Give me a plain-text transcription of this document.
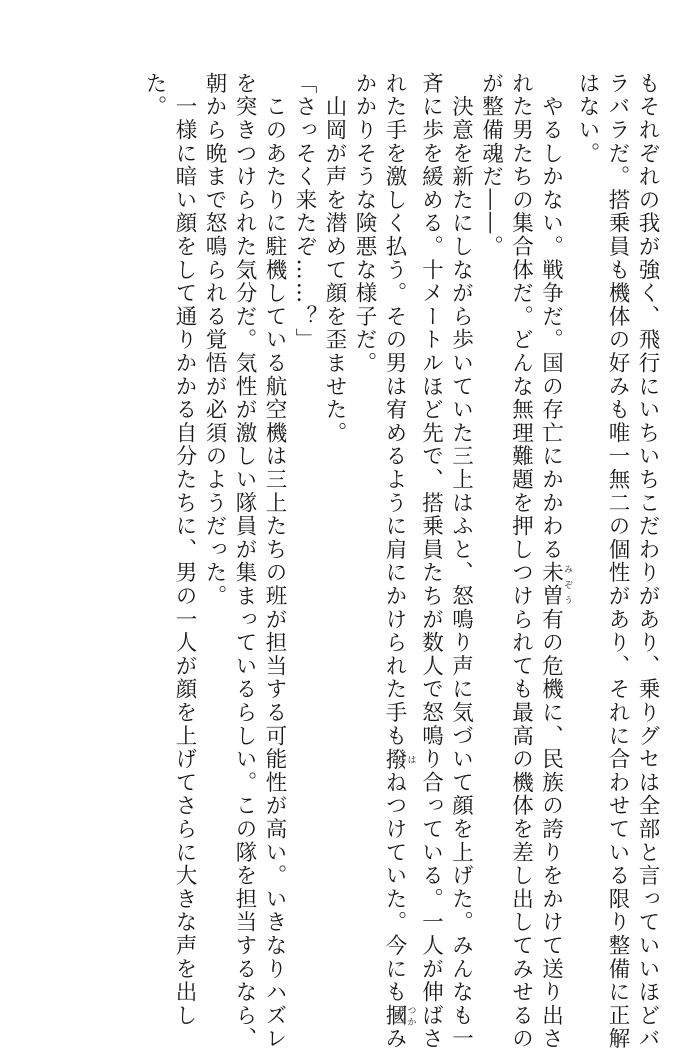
もそれぞれの我が強く、飛行にいちいちこだわりがあり、乗りグセは全部と言っていいほどバ
ラバラだ。搭乗員も機体の好みも唯一無二の個性があり、それに合わせている限り整備に正解
はない。
　やるしかない。戦争だ。国の存亡にかかわる未曽みぞう有の危機に、民族の誇りをかけて送り出さ
れた男たちの集合体だ。どんな無理難題を押しつけられても最高の機体を差し出してみせるの
が整備魂だ――。
　決意を新たにしながら歩いていた三上はふと、怒鳴り声に気づいて顔を上げた。みんなも一
斉に歩を緩める。十メートルほど先で、搭乗員たちが数人で怒鳴り合っている。一人が伸ばさ
れた手を激しく払う。その男は宥めるように肩にかけられた手も撥はねつけていた。今にも摑つかみ
かかりそうな険悪な様子だ。
　山岡が声を潜めて顔を歪ませた。
「さっそく来たぞ……？」
　このあたりに駐機している航空機は三上たちの班が担当する可能性が高い。いきなりハズレ
を突きつけられた気分だ。気性が激しい隊員が集まっているらしい。この隊を担当するなら、
朝から晩まで怒鳴られる覚悟が必須のようだった。
　一様に暗い顔をして通りかかる自分たちに、男の一人が顔を上げてさらに大きな声を出し
た。
